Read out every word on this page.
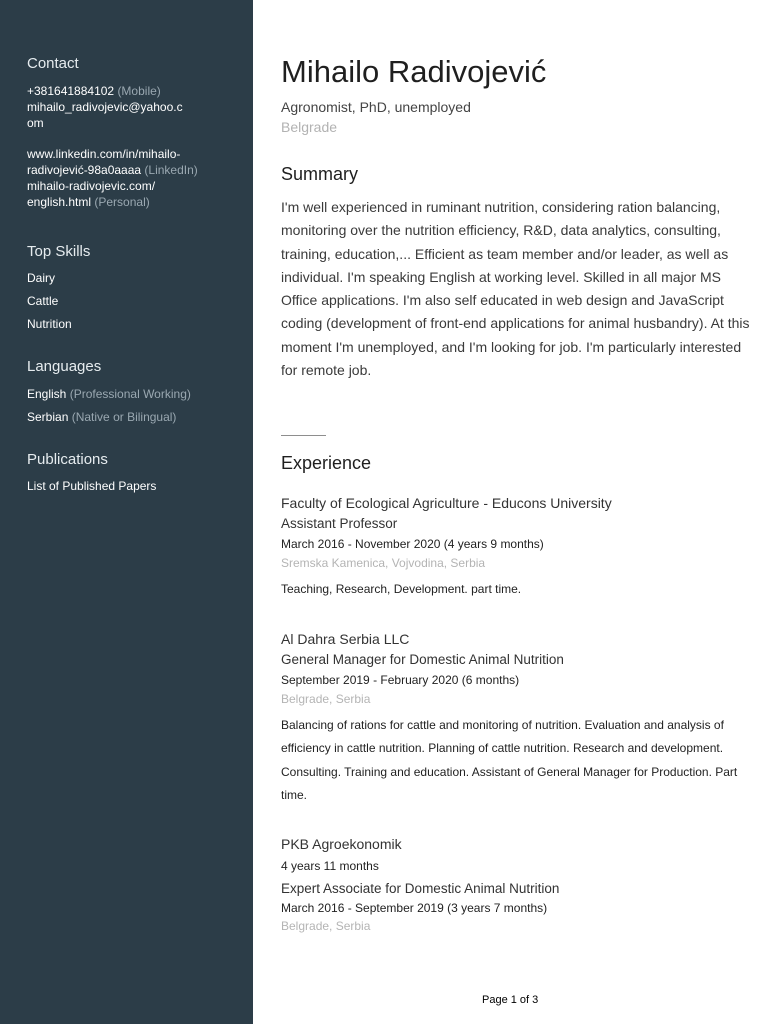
Contact
+381641884102 (Mobile)
mihailo_radivojevic@yahoo.c
om
www.linkedin.com/in/mihailo-
radivojević-98a0aaaa (LinkedIn)
mihailo-radivojevic.com/
english.html (Personal)
Top Skills
Dairy
Cattle
Nutrition
Languages
English (Professional Working)
Serbian (Native or Bilingual)
Publications
List of Published Papers
Mihailo Radivojević
Agronomist, PhD, unemployed
Belgrade
Summary
I'm well experienced in ruminant nutrition, considering ration balancing, monitoring over the nutrition efficiency, R&D, data analytics, consulting, training, education,... Efficient as team member and/or leader, as well as individual. I'm speaking English at working level. Skilled in all major MS Office applications. I'm also self educated in web design and JavaScript coding (development of front-end applications for animal husbandry). At this moment I'm unemployed, and I'm looking for job. I'm particularly interested for remote job.
Experience
Faculty of Ecological Agriculture - Educons University
Assistant Professor
March 2016 - November 2020 (4 years 9 months)
Sremska Kamenica, Vojvodina, Serbia
Teaching, Research, Development. part time.
Al Dahra Serbia LLC
General Manager for Domestic Animal Nutrition
September 2019 - February 2020 (6 months)
Belgrade, Serbia
Balancing of rations for cattle and monitoring of nutrition. Evaluation and analysis of efficiency in cattle nutrition. Planning of cattle nutrition. Research and development. Consulting. Training and education. Assistant of General Manager for Production. Part time.
PKB Agroekonomik
4 years 11 months
Expert Associate for Domestic Animal Nutrition
March 2016 - September 2019 (3 years 7 months)
Belgrade, Serbia
Page 1 of 3
